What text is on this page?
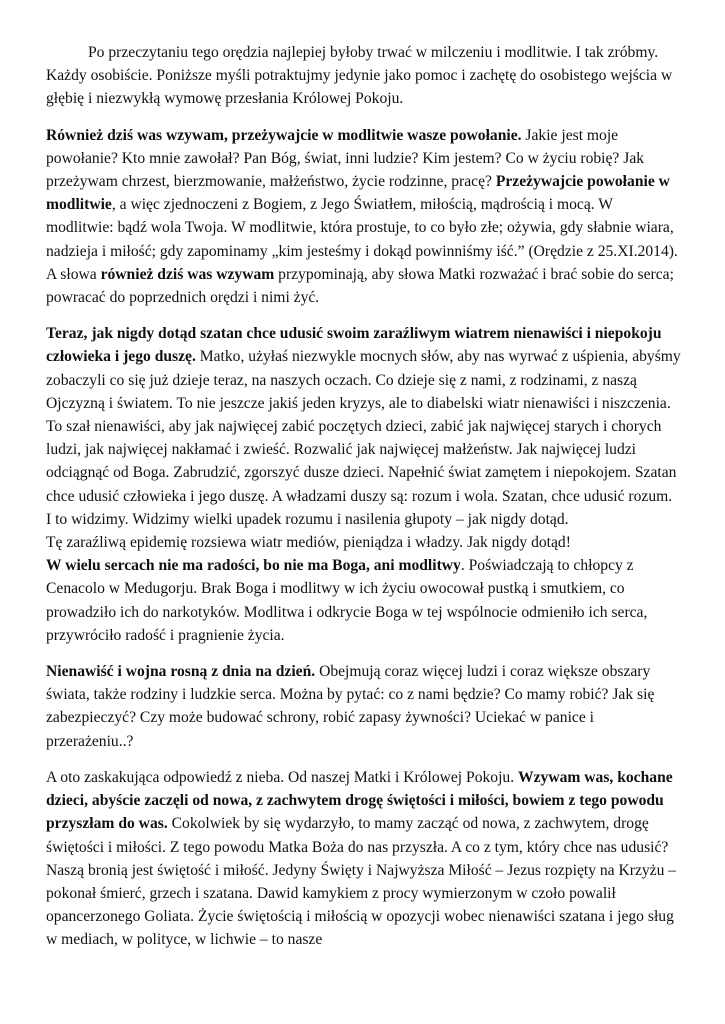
Po przeczytaniu tego orędzia najlepiej byłoby trwać w milczeniu i modlitwie. I tak zróbmy. Każdy osobiście. Poniższe myśli potraktujmy jedynie jako pomoc i zachętę do osobistego wejścia w głębię i niezwykłą wymowę przesłania Królowej Pokoju.

Również dziś was wzywam, przeżywajcie w modlitwie wasze powołanie. Jakie jest moje powołanie? Kto mnie zawołał? Pan Bóg, świat, inni ludzie? Kim jestem? Co w życiu robię? Jak przeżywam chrzest, bierzmowanie, małżeństwo, życie rodzinne, pracę? Przeżywajcie powołanie w modlitwie, a więc zjednoczeni z Bogiem, z Jego Światłem, miłością, mądrością i mocą. W modlitwie: bądź wola Twoja. W modlitwie, która prostuje, to co było złe; ożywia, gdy słabnie wiara, nadzieja i miłość; gdy zapominamy „kim jesteśmy i dokąd powinniśmy iść.” (Orędzie z 25.XI.2014). A słowa również dziś was wzywam przypominają, aby słowa Matki rozważać i brać sobie do serca; powracać do poprzednich orędzi i nimi żyć.

Teraz, jak nigdy dotąd szatan chce udusić swoim zaraźliwym wiatrem nienawiści i niepokoju człowieka i jego duszę. Matko, użyłaś niezwykle mocnych słów, aby nas wyrwać z uśpienia, abyśmy zobaczyli co się już dzieje teraz, na naszych oczach. Co dzieje się z nami, z rodzinami, z naszą Ojczyzną i światem. To nie jeszcze jakiś jeden kryzys, ale to diabelski wiatr nienawiści i niszczenia. To szał nienawiści, aby jak najwięcej zabić poczętych dzieci, zabić jak najwięcej starych i chorych ludzi, jak najwięcej nakłamać i zwieść. Rozwalić jak najwięcej małżeństw. Jak najwięcej ludzi odciągnąć od Boga. Zabrudzić, zgorszyć dusze dzieci. Napełnić świat zamętem i niepokojem. Szatan chce udusić człowieka i jego duszę. A władzami duszy są: rozum i wola. Szatan, chce udusić rozum. I to widzimy. Widzimy wielki upadek rozumu i nasilenia głupoty – jak nigdy dotąd.

Tę zaraźliwą epidemię rozsiewa wiatr mediów, pieniądza i władzy. Jak nigdy dotąd!

W wielu sercach nie ma radości, bo nie ma Boga, ani modlitwy. Poświadczają to chłopcy z Cenacolo w Medugorju. Brak Boga i modlitwy w ich życiu owocował pustką i smutkiem, co prowadziło ich do narkotyków. Modlitwa i odkrycie Boga w tej wspólnocie odmieniło ich serca, przywróciło radość i pragnienie życia.

Nienawiść i wojna rosną z dnia na dzień. Obejmują coraz więcej ludzi i coraz większe obszary świata, także rodziny i ludzkie serca. Można by pytać: co z nami będzie? Co mamy robić? Jak się zabezpieczyć? Czy może budować schrony, robić zapasy żywności? Uciekać w panice i przerażeniu..?

A oto zaskakująca odpowiedź z nieba. Od naszej Matki i Królowej Pokoju. Wzywam was, kochane dzieci, abyście zaczęli od nowa, z zachwytem drogę świętości i miłości, bowiem z tego powodu przyszłam do was. Cokolwiek by się wydarzyło, to mamy zacząć od nowa, z zachwytem, drogę świętości i miłości. Z tego powodu Matka Boża do nas przyszła. A co z tym, który chce nas udusić? Naszą bronią jest świętość i miłość. Jedyny Święty i Najwyższa Miłość – Jezus rozpięty na Krzyżu – pokonał śmierć, grzech i szatana. Dawid kamykiem z procy wymierzonym w czoło powalił opancerzonego Goliata. Życie świętością i miłością w opozycji wobec nienawiści szatana i jego sług w mediach, w polityce, w lichwie – to nasze
